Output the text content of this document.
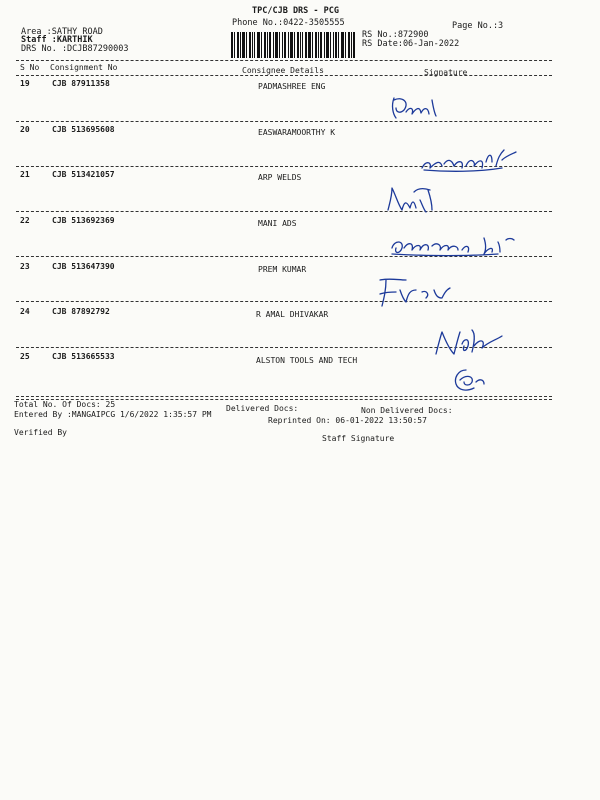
TPC/CJB DRS - PCG
Phone No.:0422-3505555	Page No.:3
Area :SATHY ROAD
Staff :KARTHIK
DRS No. :DCJB87290003
RS No.:872900
RS Date:06-Jan-2022
S No Consignment No	Consignee Details	Signature
19	CJB 87911358	PADMASHREE ENG
20	CJB 513695608	EASWARAMOORTHY K
21	CJB 513421057	ARP WELDS
22	CJB 513692369	MANI ADS
23	CJB 513647390	PREM KUMAR
24	CJB 87892792	R AMAL DHIVAKAR
25	CJB 513665533	ALSTON TOOLS AND TECH
Total No. Of Docs: 25	Delivered Docs:	Non Delivered Docs:
Entered By :MANGAIPCG 1/6/2022 1:35:57 PM
Reprinted On: 06-01-2022 13:50:57
Verified By
Staff Signature
